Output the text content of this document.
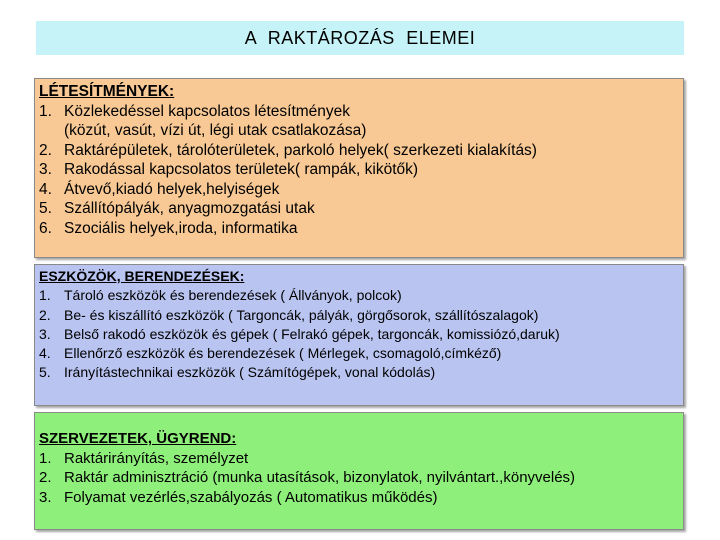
A RAKTÁROZÁS ELEMEI
LÉTESÍTMÉNYEK:
1. Közlekedéssel kapcsolatos létesítmények
(közút, vasút, vízi út, légi utak csatlakozása)
2. Raktárépületek, tárolóterületek, parkoló helyek( szerkezeti kialakítás)
3. Rakodással kapcsolatos területek( rampák, kikötők)
4. Átvevő,kiadó helyek,helyiségek
5. Szállítópályák, anyagmozgatási utak
6. Szociális helyek,iroda, informatika
ESZKÖZÖK, BERENDEZÉSEK:
1. Tároló eszközök és berendezések ( Állványok, polcok)
2. Be- és kiszállító eszközök ( Targoncák, pályák, görgősorok, szállítószalagok)
3. Belső rakodó eszközök és gépek ( Felrakó gépek, targoncák, komissiózó,daruk)
4. Ellenőrző eszközök és berendezések ( Mérlegek, csomagoló,címkéző)
5. Irányítástechnikai eszközök ( Számítógépek, vonal kódolás)
SZERVEZETEK, ÜGYREND:
1. Raktárirányítás, személyzet
2. Raktár adminisztráció (munka utasítások, bizonylatok, nyilvántart.,könyvelés)
3. Folyamat vezérlés,szabályozás ( Automatikus működés)
